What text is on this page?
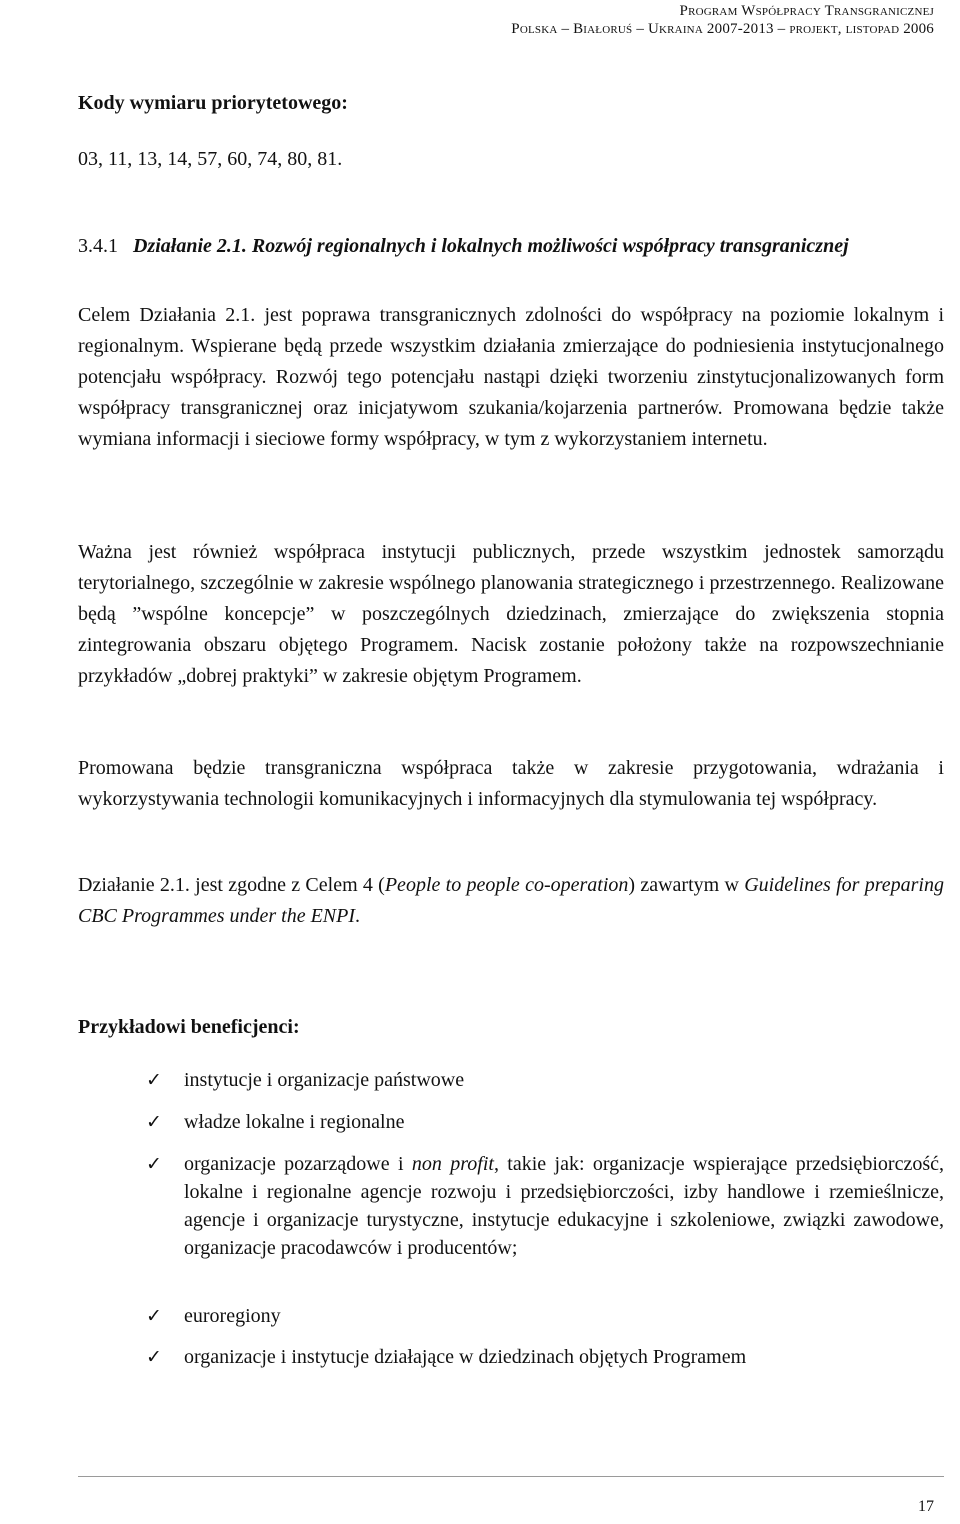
Program Współpracy Transgranicznej
Polska – Białoruś – Ukraina 2007-2013 – projekt, listopad 2006
Kody wymiaru priorytetowego:
03, 11, 13, 14, 57, 60, 74, 80, 81.
3.4.1 Działanie 2.1. Rozwój regionalnych i lokalnych możliwości współpracy transgranicznej

Celem Działania 2.1. jest poprawa transgranicznych zdolności do współpracy na poziomie lokalnym i regionalnym. Wspierane będą przede wszystkim działania zmierzające do podniesienia instytucjonalnego potencjału współpracy. Rozwój tego potencjału nastąpi dzięki tworzeniu zinstytucjonalizowanych form współpracy transgranicznej oraz inicjatywom szukania/kojarzenia partnerów. Promowana będzie także wymiana informacji i sieciowe formy współpracy, w tym z wykorzystaniem internetu.

Ważna jest również współpraca instytucji publicznych, przede wszystkim jednostek samorządu terytorialnego, szczególnie w zakresie wspólnego planowania strategicznego i przestrzennego. Realizowane będą ”wspólne koncepcje” w poszczególnych dziedzinach, zmierzające do zwiększenia stopnia zintegrowania obszaru objętego Programem. Nacisk zostanie położony także na rozpowszechnianie przykładów „dobrej praktyki” w zakresie objętym Programem.

Promowana będzie transgraniczna współpraca także w zakresie przygotowania, wdrażania i wykorzystywania technologii komunikacyjnych i informacyjnych dla stymulowania tej współpracy.

Działanie 2.1. jest zgodne z Celem 4 (People to people co-operation) zawartym w Guidelines for preparing CBC Programmes under the ENPI.

Przykładowi beneficjenci:
✓	instytucje i organizacje państwowe
✓	władze lokalne i regionalne
✓	organizacje pozarządowe i non profit, takie jak: organizacje wspierające przedsiębiorczość, lokalne i regionalne agencje rozwoju i przedsiębiorczości, izby handlowe i rzemieślnicze, agencje i organizacje turystyczne, instytucje edukacyjne i szkoleniowe, związki zawodowe, organizacje pracodawców i producentów;
✓	euroregiony
✓	organizacje i instytucje działające w dziedzinach objętych Programem
17
